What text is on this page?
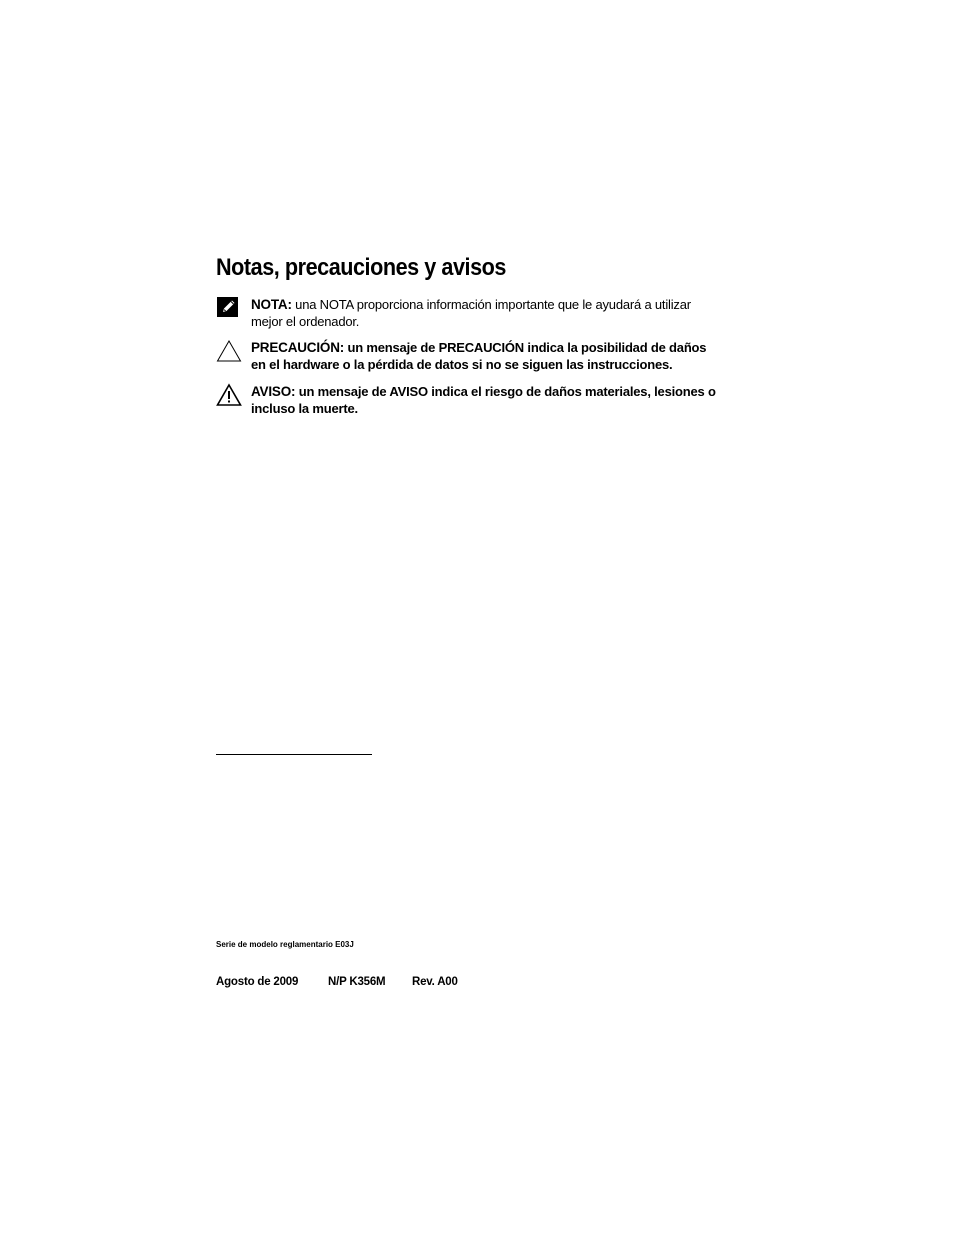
Notas, precauciones y avisos
NOTA: una NOTA proporciona información importante que le ayudará a utilizar mejor el ordenador.
PRECAUCIÓN: un mensaje de PRECAUCIÓN indica la posibilidad de daños en el hardware o la pérdida de datos si no se siguen las instrucciones.
AVISO: un mensaje de AVISO indica el riesgo de daños materiales, lesiones o incluso la muerte.
Serie de modelo reglamentario E03J
Agosto de 2009	N/P K356M Rev. A00
